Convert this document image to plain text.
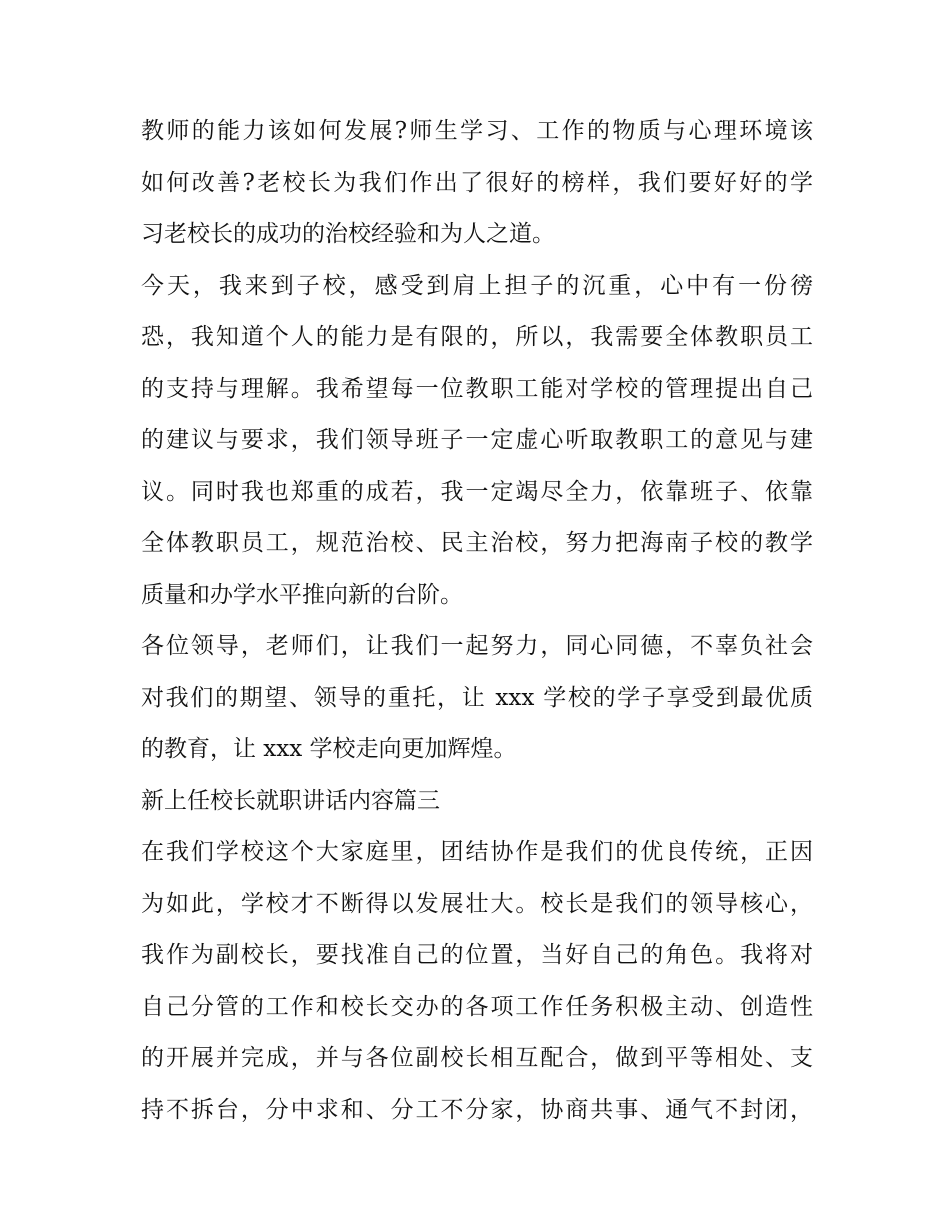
教师的能力该如何发展?师生学习、工作的物质与心理环境该
如何改善?老校长为我们作出了很好的榜样，我们要好好的学
习老校长的成功的治校经验和为人之道。
今天，我来到子校，感受到肩上担子的沉重，心中有一份徬
恐，我知道个人的能力是有限的，所以，我需要全体教职员工
的支持与理解。我希望每一位教职工能对学校的管理提出自己
的建议与要求，我们领导班子一定虚心听取教职工的意见与建
议。同时我也郑重的成若，我一定竭尽全力，依靠班子、依靠
全体教职员工，规范治校、民主治校，努力把海南子校的教学
质量和办学水平推向新的台阶。
各位领导，老师们，让我们一起努力，同心同德，不辜负社会
对我们的期望、领导的重托，让 xxx 学校的学子享受到最优质
的教育，让 xxx 学校走向更加辉煌。
新上任校长就职讲话内容篇三
在我们学校这个大家庭里，团结协作是我们的优良传统，正因
为如此，学校才不断得以发展壮大。校长是我们的领导核心，
我作为副校长，要找准自己的位置，当好自己的角色。我将对
自己分管的工作和校长交办的各项工作任务积极主动、创造性
的开展并完成，并与各位副校长相互配合，做到平等相处、支
持不拆台，分中求和、分工不分家，协商共事、通气不封闭，
